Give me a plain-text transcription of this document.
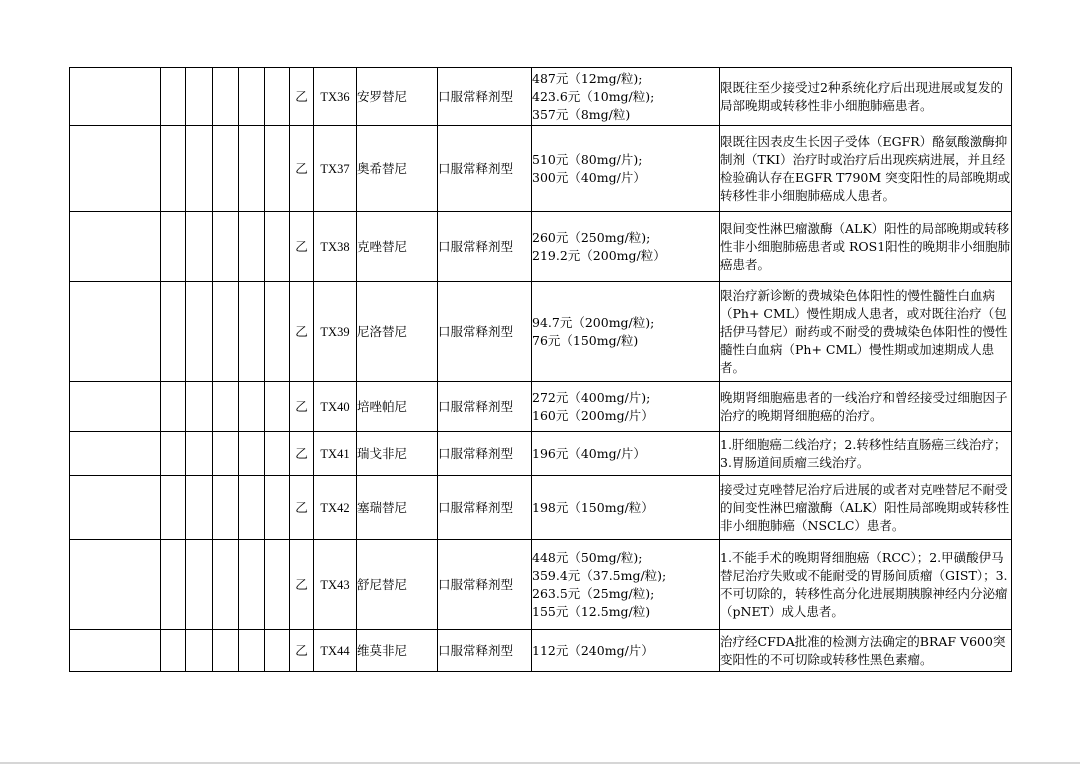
						乙	TX36	安罗替尼	口服常释剂型	487元（12mg/粒);
423.6元（10mg/粒);
357元（8mg/粒)	限既往至少接受过2种系统化疗后出现进展或复发的局部晚期或转移性非小细胞肺癌患者。
						乙	TX37	奥希替尼	口服常释剂型	510元（80mg/片);
300元（40mg/片）	限既往因表皮生长因子受体（EGFR）酪氨酸激酶抑制剂（TKI）治疗时或治疗后出现疾病进展，并且经检验确认存在EGFR T790M 突变阳性的局部晚期或转移性非小细胞肺癌成人患者。
						乙	TX38	克唑替尼	口服常释剂型	260元（250mg/粒);
219.2元（200mg/粒）	限间变性淋巴瘤激酶（ALK）阳性的局部晚期或转移性非小细胞肺癌患者或 ROS1阳性的晚期非小细胞肺癌患者。
						乙	TX39	尼洛替尼	口服常释剂型	94.7元（200mg/粒);
76元（150mg/粒)	限治疗新诊断的费城染色体阳性的慢性髓性白血病（Ph+ CML）慢性期成人患者，或对既往治疗（包括伊马替尼）耐药或不耐受的费城染色体阳性的慢性髓性白血病（Ph+ CML）慢性期或加速期成人患者。
						乙	TX40	培唑帕尼	口服常释剂型	272元（400mg/片);
160元（200mg/片）	晚期肾细胞癌患者的一线治疗和曾经接受过细胞因子治疗的晚期肾细胞癌的治疗。
						乙	TX41	瑞戈非尼	口服常释剂型	196元（40mg/片）	1.肝细胞癌二线治疗；2.转移性结直肠癌三线治疗；3.胃肠道间质瘤三线治疗。
						乙	TX42	塞瑞替尼	口服常释剂型	198元（150mg/粒）	接受过克唑替尼治疗后进展的或者对克唑替尼不耐受的间变性淋巴瘤激酶（ALK）阳性局部晚期或转移性非小细胞肺癌（NSCLC）患者。
						乙	TX43	舒尼替尼	口服常释剂型	448元（50mg/粒);
359.4元（37.5mg/粒);
263.5元（25mg/粒);
155元（12.5mg/粒)	1.不能手术的晚期肾细胞癌（RCC）；2.甲磺酸伊马替尼治疗失败或不能耐受的胃肠间质瘤（GIST）；3.不可切除的，转移性高分化进展期胰腺神经内分泌瘤（pNET）成人患者。
						乙	TX44	维莫非尼	口服常释剂型	112元（240mg/片）	治疗经CFDA批准的检测方法确定的BRAF V600突变阳性的不可切除或转移性黑色素瘤。
